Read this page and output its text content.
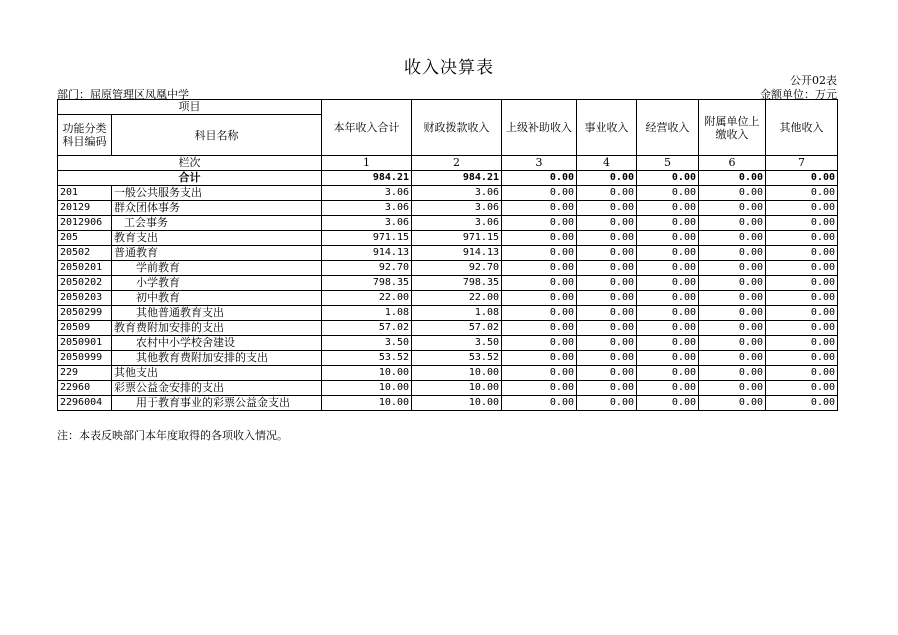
收入决算表
公开02表
部门：屈原管理区凤凰中学	金额单位：万元
项目		本年收入合计	财政拨款收入	上级补助收入	事业收入	经营收入	附属单位上缴收入	其他收入
功能分类科目编码	科目名称							
栏次		1	2	3	4	5	6	7
合计		984.21	984.21	0.00	0.00	0.00	0.00	0.00
201	一般公共服务支出	3.06	3.06	0.00	0.00	0.00	0.00	0.00
20129	群众团体事务	3.06	3.06	0.00	0.00	0.00	0.00	0.00
2012906	工会事务	3.06	3.06	0.00	0.00	0.00	0.00	0.00
205	教育支出	971.15	971.15	0.00	0.00	0.00	0.00	0.00
20502	普通教育	914.13	914.13	0.00	0.00	0.00	0.00	0.00
2050201	学前教育	92.70	92.70	0.00	0.00	0.00	0.00	0.00
2050202	小学教育	798.35	798.35	0.00	0.00	0.00	0.00	0.00
2050203	初中教育	22.00	22.00	0.00	0.00	0.00	0.00	0.00
2050299	其他普通教育支出	1.08	1.08	0.00	0.00	0.00	0.00	0.00
20509	教育费附加安排的支出	57.02	57.02	0.00	0.00	0.00	0.00	0.00
2050901	农村中小学校舍建设	3.50	3.50	0.00	0.00	0.00	0.00	0.00
2050999	其他教育费附加安排的支出	53.52	53.52	0.00	0.00	0.00	0.00	0.00
229	其他支出	10.00	10.00	0.00	0.00	0.00	0.00	0.00
22960	彩票公益金安排的支出	10.00	10.00	0.00	0.00	0.00	0.00	0.00
2296004	用于教育事业的彩票公益金支出	10.00	10.00	0.00	0.00	0.00	0.00	0.00
注：本表反映部门本年度取得的各项收入情况。
